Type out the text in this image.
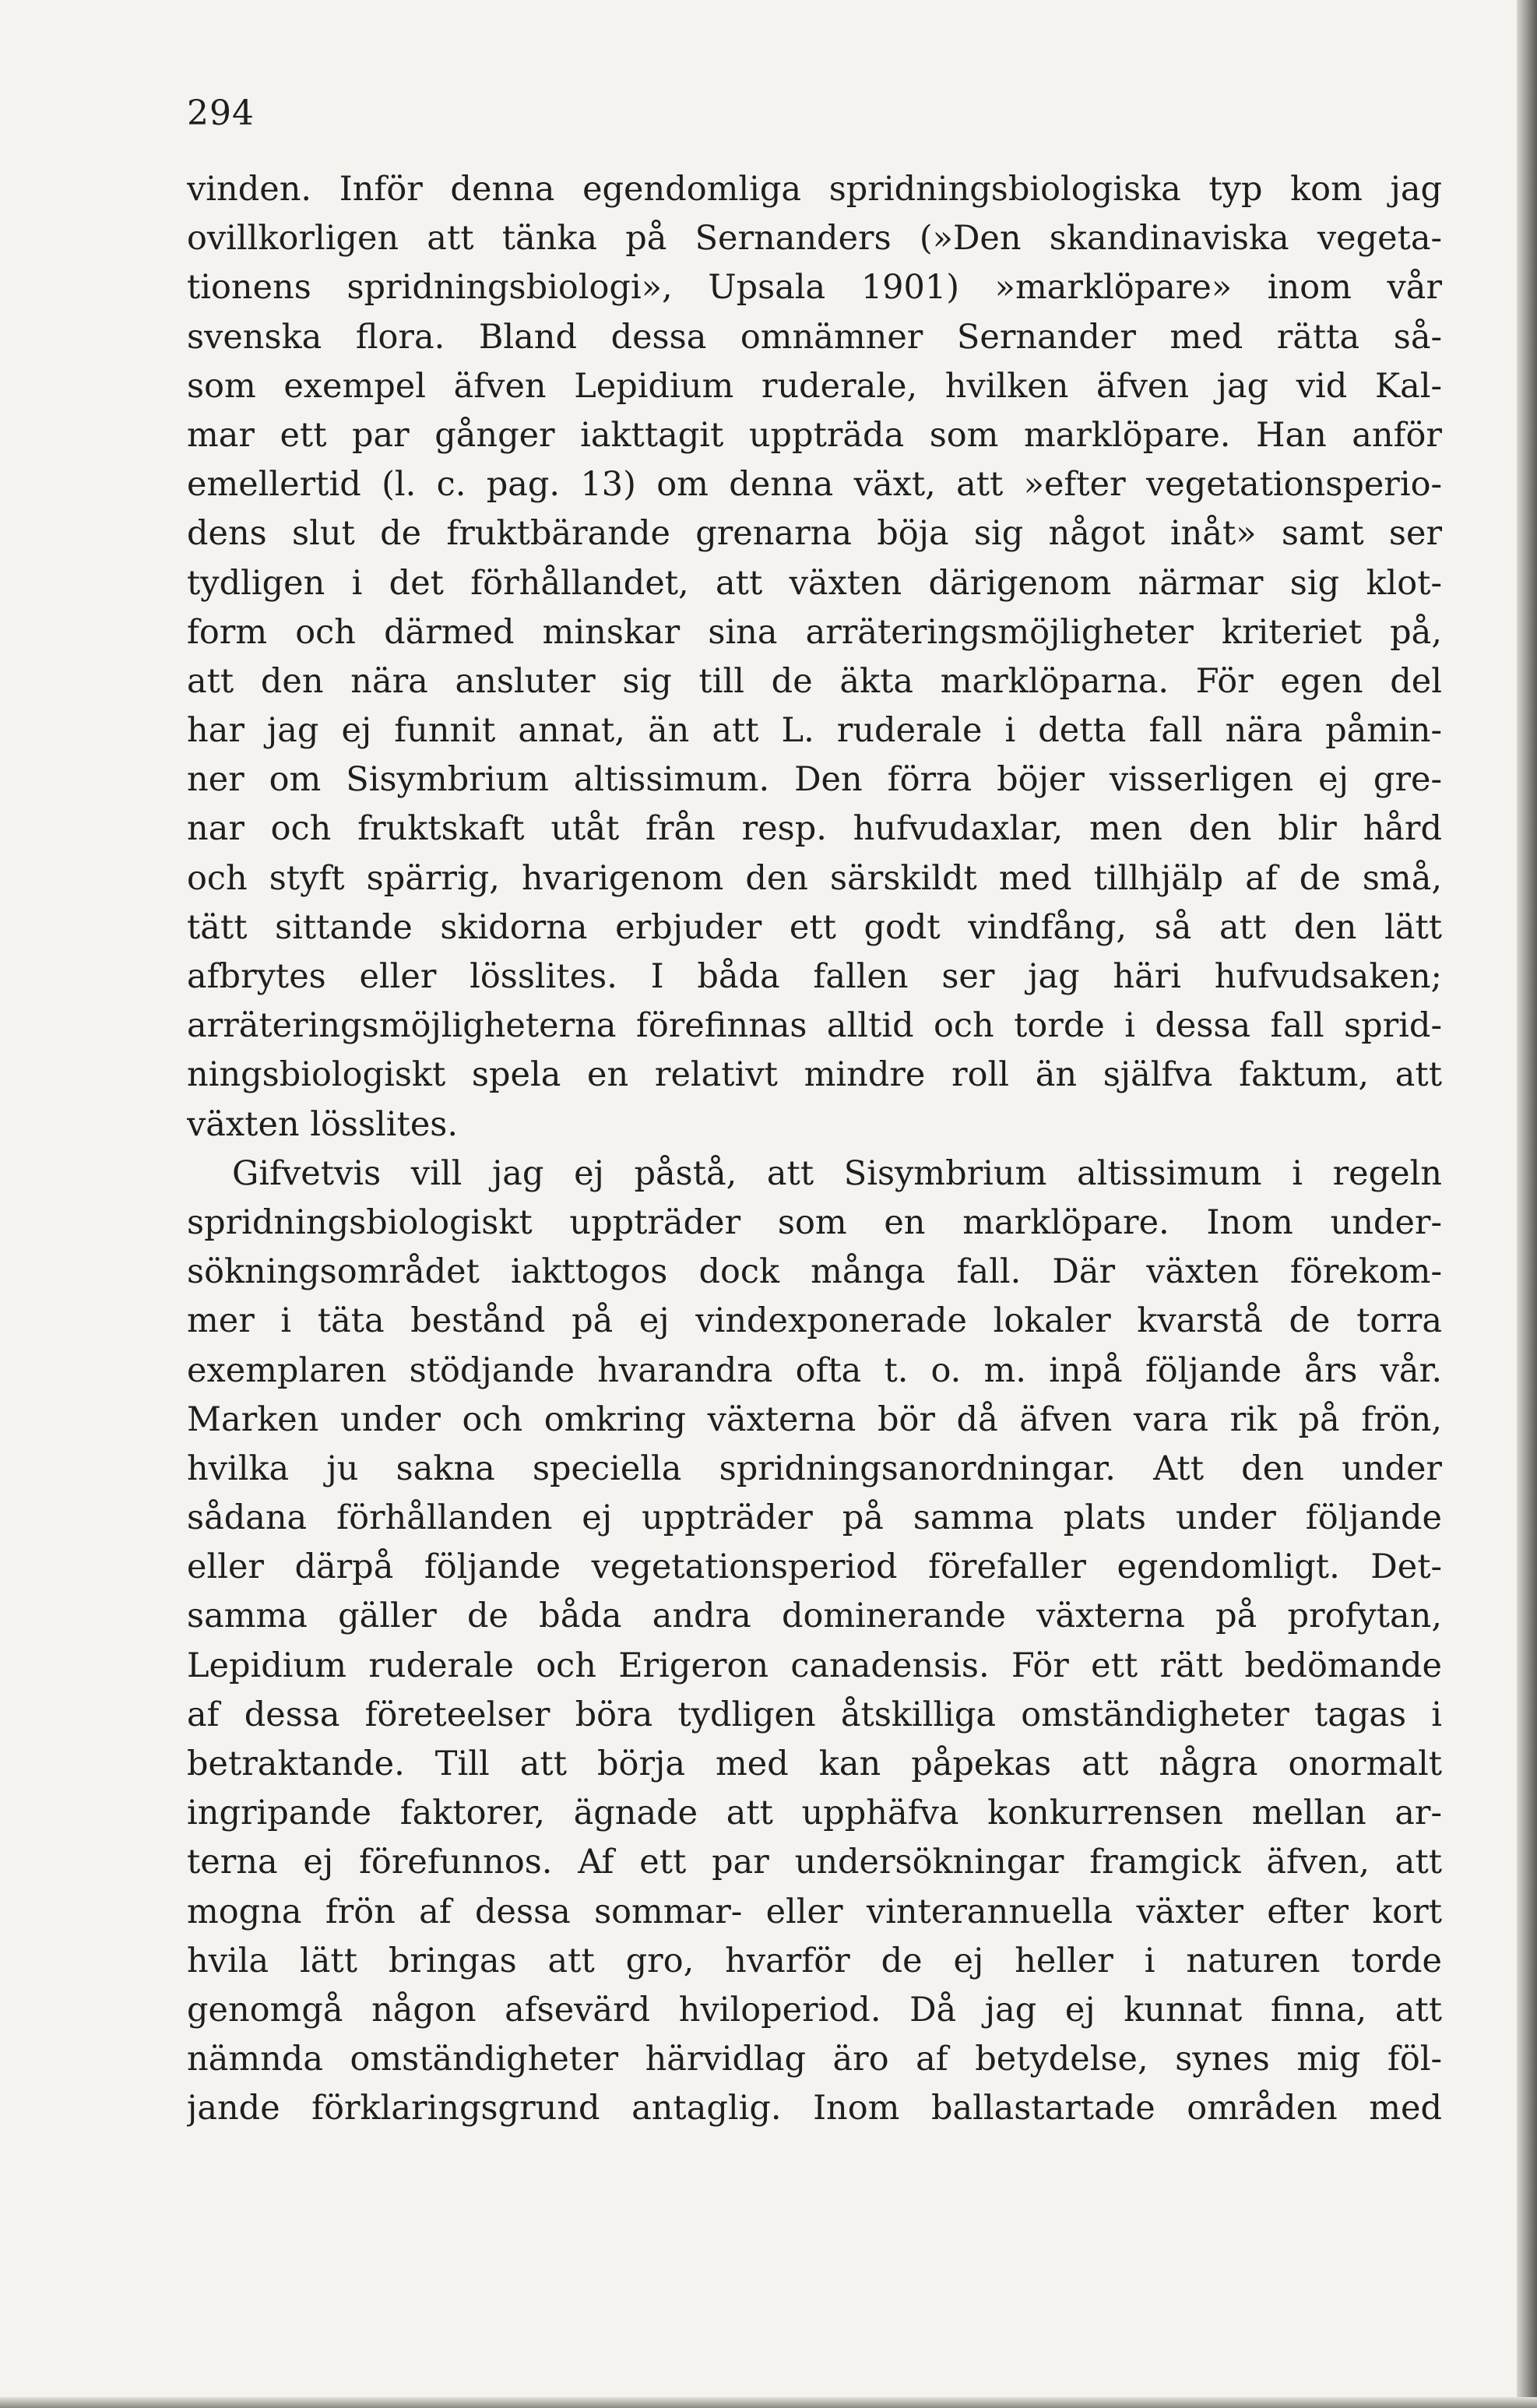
294
vinden. Inför denna egendomliga spridningsbiologiska typ kom jag
ovillkorligen att tänka på Sernanders (»Den skandinaviska vegeta-
tionens spridningsbiologi», Upsala 1901) »marklöpare» inom vår
svenska flora. Bland dessa omnämner Sernander med rätta så-
som exempel äfven Lepidium ruderale, hvilken äfven jag vid Kal-
mar ett par gånger iakttagit uppträda som marklöpare. Han anför
emellertid (l. c. pag. 13) om denna växt, att »efter vegetationsperio-
dens slut de fruktbärande grenarna böja sig något inåt» samt ser
tydligen i det förhållandet, att växten därigenom närmar sig klot-
form och därmed minskar sina arräteringsmöjligheter kriteriet på,
att den nära ansluter sig till de äkta marklöparna. För egen del
har jag ej funnit annat, än att L. ruderale i detta fall nära påmin-
ner om Sisymbrium altissimum. Den förra böjer visserligen ej gre-
nar och fruktskaft utåt från resp. hufvudaxlar, men den blir hård
och styft spärrig, hvarigenom den särskildt med tillhjälp af de små,
tätt sittande skidorna erbjuder ett godt vindfång, så att den lätt
afbrytes eller lösslites. I båda fallen ser jag häri hufvudsaken;
arräteringsmöjligheterna förefinnas alltid och torde i dessa fall sprid-
ningsbiologiskt spela en relativt mindre roll än själfva faktum, att
växten lösslites.
Gifvetvis vill jag ej påstå, att Sisymbrium altissimum i regeln
spridningsbiologiskt uppträder som en marklöpare. Inom under-
sökningsområdet iakttogos dock många fall. Där växten förekom-
mer i täta bestånd på ej vindexponerade lokaler kvarstå de torra
exemplaren stödjande hvarandra ofta t. o. m. inpå följande års vår.
Marken under och omkring växterna bör då äfven vara rik på frön,
hvilka ju sakna speciella spridningsanordningar. Att den under
sådana förhållanden ej uppträder på samma plats under följande
eller därpå följande vegetationsperiod förefaller egendomligt. Det-
samma gäller de båda andra dominerande växterna på profytan,
Lepidium ruderale och Erigeron canadensis. För ett rätt bedömande
af dessa företeelser böra tydligen åtskilliga omständigheter tagas i
betraktande. Till att börja med kan påpekas att några onormalt
ingripande faktorer, ägnade att upphäfva konkurrensen mellan ar-
terna ej förefunnos. Af ett par undersökningar framgick äfven, att
mogna frön af dessa sommar- eller vinterannuella växter efter kort
hvila lätt bringas att gro, hvarför de ej heller i naturen torde
genomgå någon afsevärd hviloperiod. Då jag ej kunnat finna, att
nämnda omständigheter härvidlag äro af betydelse, synes mig föl-
jande förklaringsgrund antaglig. Inom ballastartade områden med
